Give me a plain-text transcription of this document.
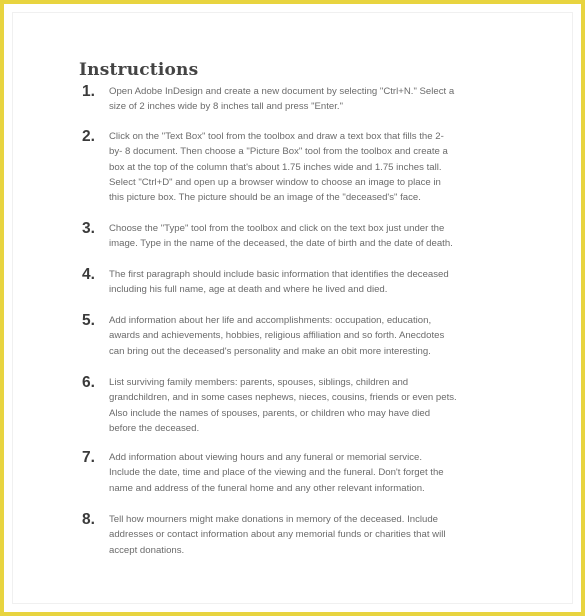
Instructions
1.	Open Adobe InDesign and create a new document by selecting "Ctrl+N." Select a
size of 2 inches wide by 8 inches tall and press "Enter."
2.	Click on the "Text Box" tool from the toolbox and draw a text box that fills the 2-
by- 8 document. Then choose a "Picture Box" tool from the toolbox and create a
box at the top of the column that's about 1.75 inches wide and 1.75 inches tall.
Select "Ctrl+D" and open up a browser window to choose an image to place in
this picture box. The picture should be an image of the "deceased's" face.
3.	Choose the "Type" tool from the toolbox and click on the text box just under the
image. Type in the name of the deceased, the date of birth and the date of death.
4.	The first paragraph should include basic information that identifies the deceased
including his full name, age at death and where he lived and died.
5.	Add information about her life and accomplishments: occupation, education,
awards and achievements, hobbies, religious affiliation and so forth. Anecdotes
can bring out the deceased's personality and make an obit more interesting.
6.	List surviving family members: parents, spouses, siblings, children and
grandchildren, and in some cases nephews, nieces, cousins, friends or even pets.
Also include the names of spouses, parents, or children who may have died
before the deceased.
7.	Add information about viewing hours and any funeral or memorial service.
Include the date, time and place of the viewing and the funeral. Don't forget the
name and address of the funeral home and any other relevant information.
8.	Tell how mourners might make donations in memory of the deceased. Include
addresses or contact information about any memorial funds or charities that will
accept donations.
